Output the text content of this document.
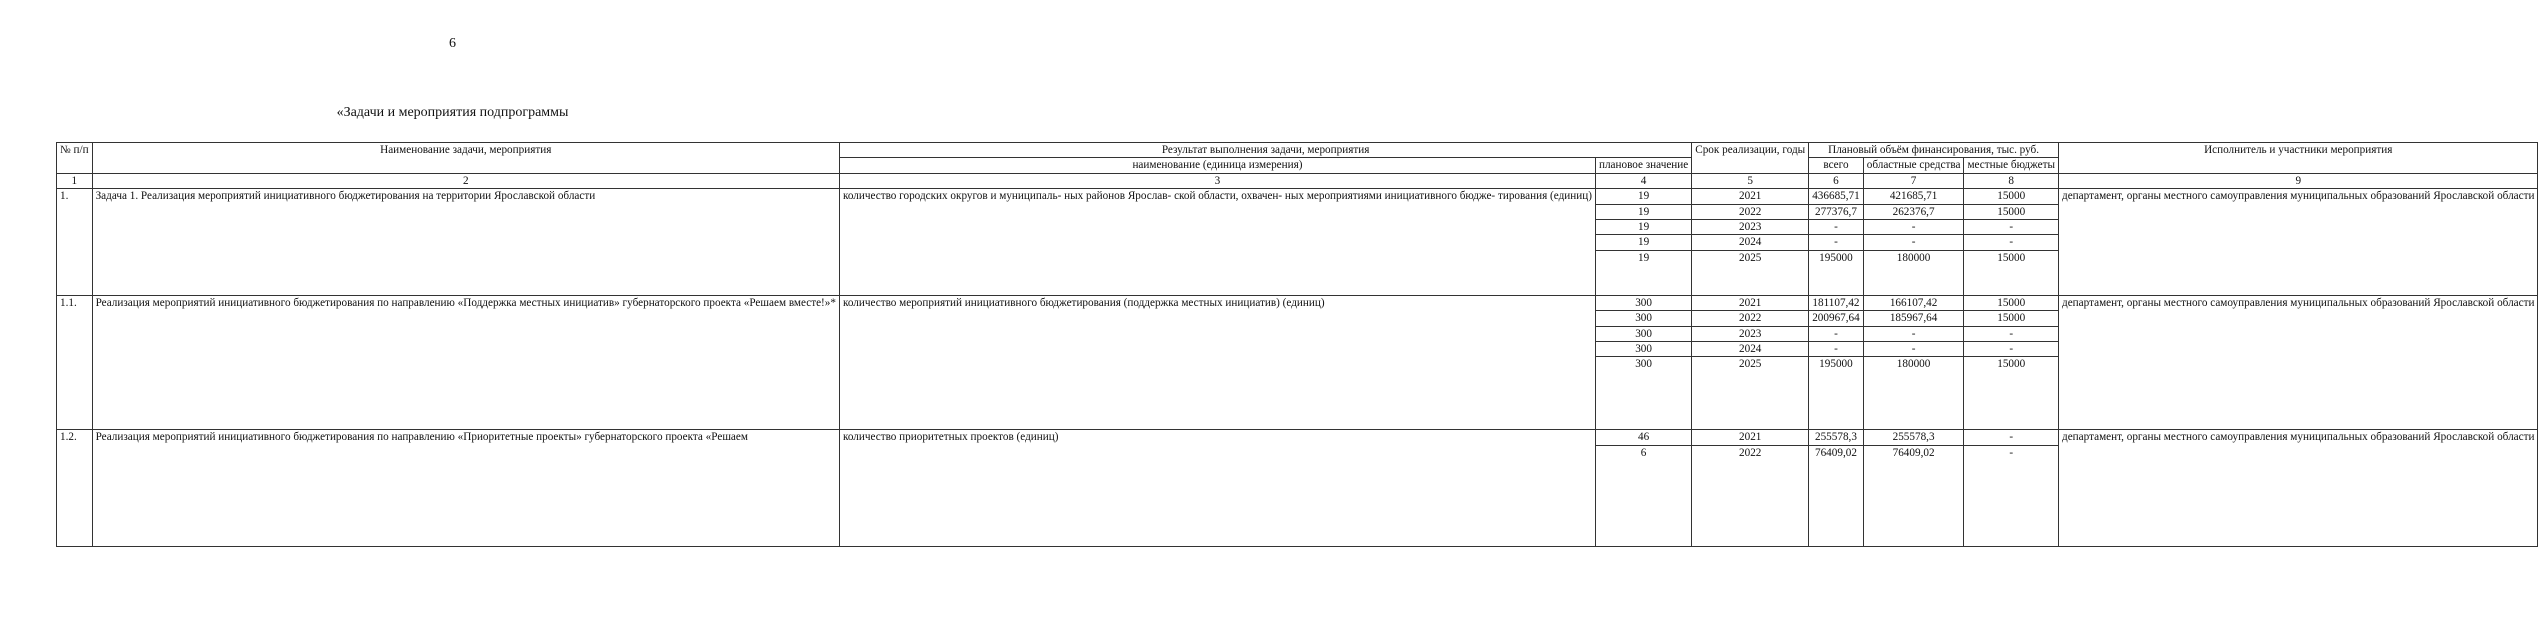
6
«Задачи и мероприятия подпрограммы
№ п/п	Наименование задачи, мероприятия	Результат выполнения задачи, мероприятия		Срок реализации, годы	Плановый объём финансирования, тыс. руб.			Исполнитель и участники мероприятия
		наименование (единица измерения)	плановое значение		всего	областные средства	местные бюджеты	
1	2	3	4	5	6	7	8	9
1.	Задача 1. Реализация мероприятий инициативного бюджетирования на территории Ярославской области	количество городских округов и муниципаль- ных районов Ярослав- ской области, охвачен- ных мероприятиями инициативного бюдже- тирования (единиц)	19	2021	436685,71	421685,71	15000	департамент, органы местного самоуправления муниципальных образований Ярославской области
			19	2022	277376,7	262376,7	15000	
			19	2023	-	-	-	
			19	2024	-	-	-	
			19	2025	195000	180000	15000	
1.1.	Реализация мероприятий инициативного бюджетирования по направлению «Поддержка местных инициатив» губернаторского проекта «Решаем вместе!»*	количество мероприятий инициативного бюджетирования (поддержка местных инициатив) (единиц)	300	2021	181107,42	166107,42	15000	департамент, органы местного самоуправления муниципальных образований Ярославской области
			300	2022	200967,64	185967,64	15000	
			300	2023	-	-	-	
			300	2024	-	-	-	
			300	2025	195000	180000	15000	
1.2.	Реализация мероприятий инициативного бюджетирования по направлению «Приоритетные проекты» губернаторского проекта «Решаем	количество приоритетных проектов (единиц)	46	2021	255578,3	255578,3	-	департамент, органы местного самоуправления муниципальных образований Ярославской области
			6	2022	76409,02	76409,02	-	
